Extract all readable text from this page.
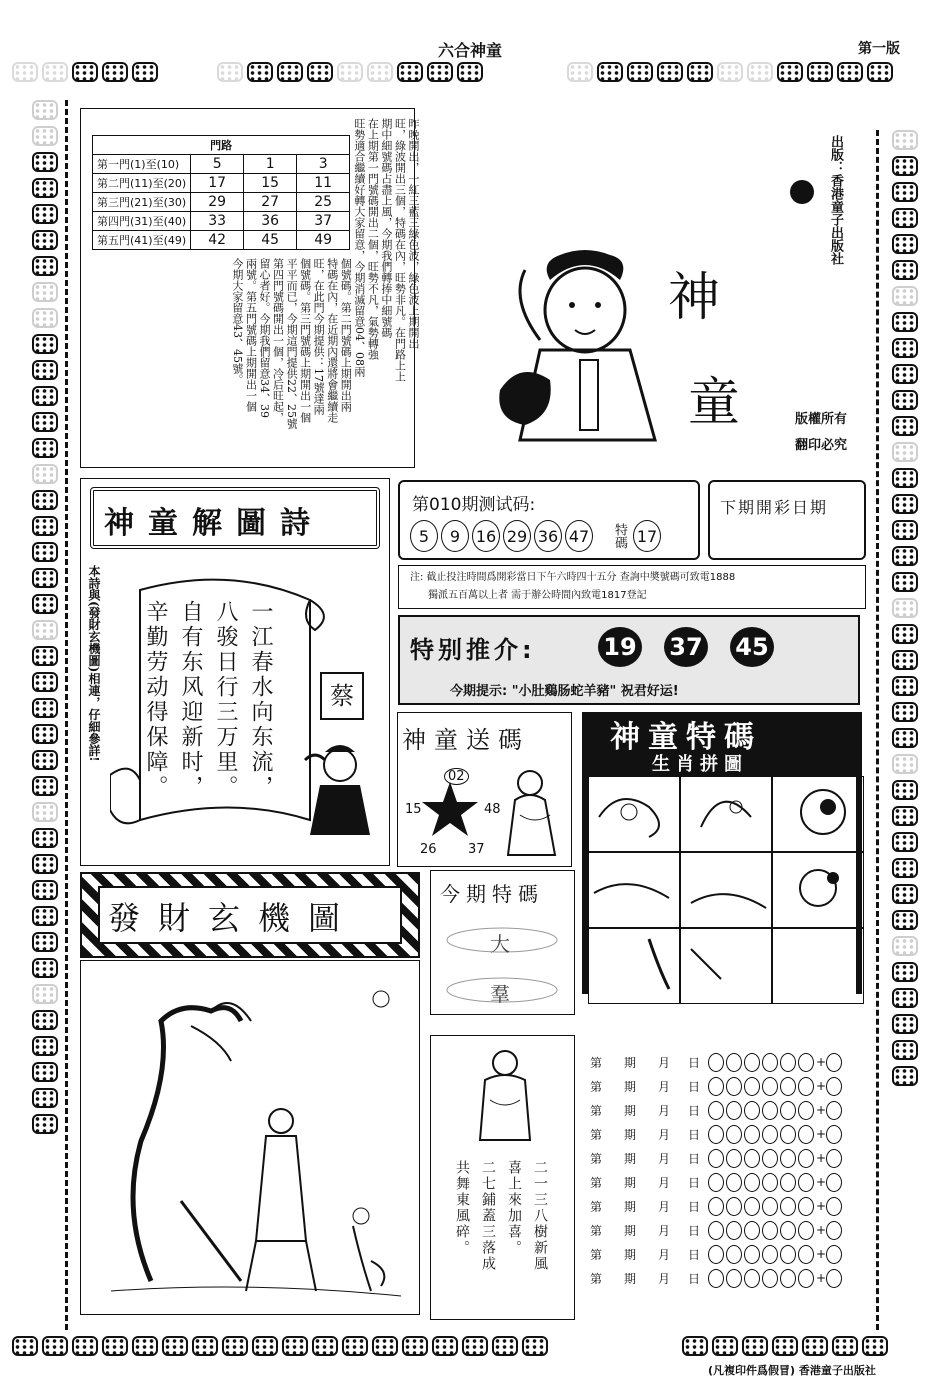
六合神童	第一版
(凡複印件爲假冒) 香港童子出版社
門路			
第一門(1)至(10)	5	1	3
第二門(11)至(20)	17	15	11
第三門(21)至(30)	29	27	25
第四門(31)至(40)	33	36	37
第五門(41)至(49)	42	45	49	昨晚開出，一紅三藍三綠色波，綠色波上期開出
旺，綠波開出三個，特碼在內，旺勢非凡。在門路上上
期中細號碼占盡上風，今期我們轉捧中細號碼
在上期第一門號碼開出二個，旺勢不凡，氣勢轉強
旺勢適合繼續好轉大家留意，今期消滅留意04、08兩
個號碼。第二門號碼上期開出兩
特碼在內，在近期內還將會繼續走
旺，在此門今期提供：17號達兩
個號碼。第三門號碼上期開出一個
平平而已，今期這門提供22、25號
第四門號碼開出一個，冷后旺起，
留心者好。今期我們留意34、39
兩號。第五門號碼上期開出一個
今期大家留意43、45號。	神
童
出版：香港童子出版社
版權所有
翻印必究
第010期测试码:
5	9 16 29 36 47 特碼 17
下期開彩日期
注: 截止投注時間爲開彩當日下午六時四十五分 查詢中奬號碼可致電1888
獨派五百萬以上者 需于辦公時間內致電1817登記
特别推介:	19 37 45
今期提示: "小肚鷄肠蛇羊豬" 祝君好运!
神童解圖詩
本詩與(發財玄機圖)相連，仔細參詳!	一江春水向东流，
八骏日行三万里。
自有东风迎新时，
辛勤劳动得保障。	蔡
神童送碼
02
15	48
26 37
神童特碼
生肖拼圖
今期特碼
大
羣
發財玄機圖
二一三八樹新風
喜上來加喜。
二七鋪蓋三落成
共舞東風碎。
第	期	月	日	+
第	期	月	日	+
第	期	月	日	+
第	期	月	日	+
第	期	月	日	+
第	期	月	日	+
第	期	月	日	+
第	期	月	日	+
第	期	月	日	+
第	期	月	日	+
